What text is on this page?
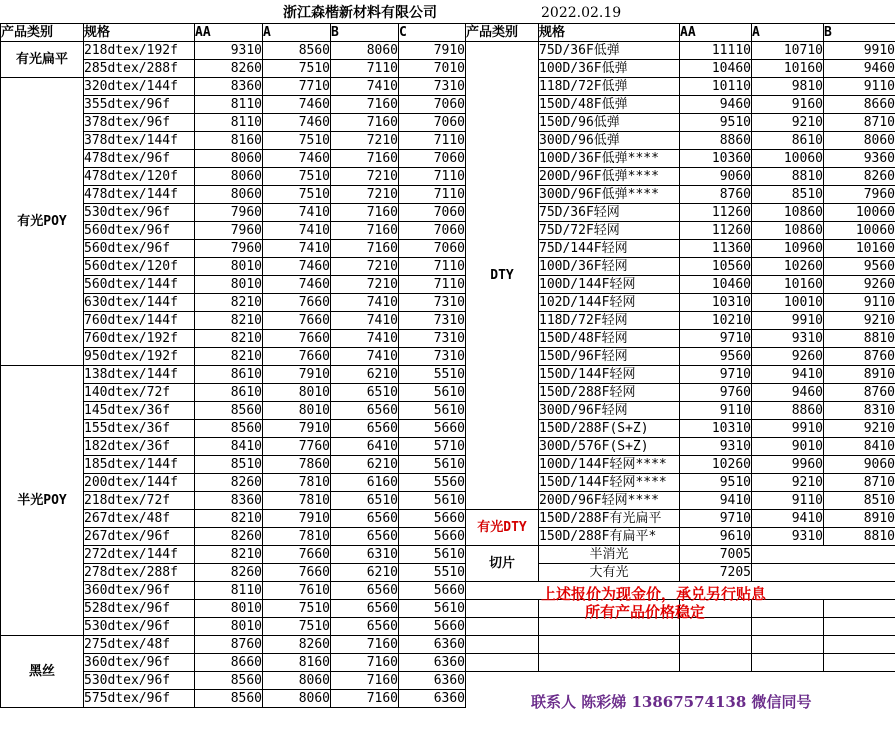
浙江森楷新材料有限公司	2022.02.19
产品类别	规格	AA	A	B	C
有光扁平	218dtex/192f	9310	8560	8060	7910
	285dtex/288f	8260	7510	7110	7010
有光POY	320dtex/144f	8360	7710	7410	7310
	355dtex/96f	8110	7460	7160	7060
	378dtex/96f	8110	7460	7160	7060
	378dtex/144f	8160	7510	7210	7110
	478dtex/96f	8060	7460	7160	7060
	478dtex/120f	8060	7510	7210	7110
	478dtex/144f	8060	7510	7210	7110
	530dtex/96f	7960	7410	7160	7060
	560dtex/96f	7960	7410	7160	7060
	560dtex/96f	7960	7410	7160	7060
	560dtex/120f	8010	7460	7210	7110
	560dtex/144f	8010	7460	7210	7110
	630dtex/144f	8210	7660	7410	7310
	760dtex/144f	8210	7660	7410	7310
	760dtex/192f	8210	7660	7410	7310
	950dtex/192f	8210	7660	7410	7310
半光POY	138dtex/144f	8610	7910	6210	5510
	140dtex/72f	8610	8010	6510	5610
	145dtex/36f	8560	8010	6560	5610
	155dtex/36f	8560	7910	6560	5660
	182dtex/36f	8410	7760	6410	5710
	185dtex/144f	8510	7860	6210	5610
	200dtex/144f	8260	7810	6160	5560
	218dtex/72f	8360	7810	6510	5610
	267dtex/48f	8210	7910	6560	5660
	267dtex/96f	8260	7810	6560	5660
	272dtex/144f	8210	7660	6310	5610
	278dtex/288f	8260	7660	6210	5510
	360dtex/96f	8110	7610	6560	5660
	528dtex/96f	8010	7510	6560	5610
	530dtex/96f	8010	7510	6560	5660
黑丝	275dtex/48f	8760	8260	7160	6360
	360dtex/96f	8660	8160	7160	6360
	530dtex/96f	8560	8060	7160	6360
	575dtex/96f	8560	8060	7160	6360
产品类别	规格	AA	A	B
DTY	75D/36F低弹	11110	10710	9910
	100D/36F低弹	10460	10160	9460
	118D/72F低弹	10110	9810	9110
	150D/48F低弹	9460	9160	8660
	150D/96低弹	9510	9210	8710
	300D/96低弹	8860	8610	8060
	100D/36F低弹****	10360	10060	9360
	200D/96F低弹****	9060	8810	8260
	300D/96F低弹****	8760	8510	7960
	75D/36F轻网	11260	10860	10060
	75D/72F轻网	11260	10860	10060
	75D/144F轻网	11360	10960	10160
	100D/36F轻网	10560	10260	9560
	100D/144F轻网	10460	10160	9260
	102D/144F轻网	10310	10010	9110
	118D/72F轻网	10210	9910	9210
	150D/48F轻网	9710	9310	8810
	150D/96F轻网	9560	9260	8760
	150D/144F轻网	9710	9410	8910
	150D/288F轻网	9760	9460	8760
	300D/96F轻网	9110	8860	8310
	150D/288F(S+Z)	10310	9910	9210
	300D/576F(S+Z)	9310	9010	8410
	100D/144F轻网****	10260	9960	9060
	150D/144F轻网****	9510	9210	8710
	200D/96F轻网****	9410	9110	8510
有光DTY	150D/288F有光扁平	9710	9410	8910
	150D/288F有扁平*	9610	9310	8810
切片	半消光	7005		
	大有光	7205		

上述报价为现金价，承兑另行贴息
所有产品价格稳定
联系人 陈彩娣 13867574138 微信同号
